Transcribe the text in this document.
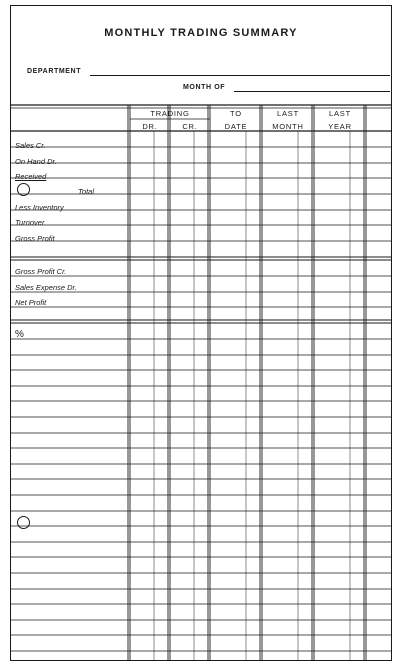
MONTHLY TRADING SUMMARY
DEPARTMENT
MONTH OF
TRADING
DR.	CR.
TO
DATE
LAST
MONTH
LAST
YEAR
Sales Cr.
On Hand Dr.
Received
Total
Less Inventory
Turnover
Gross Profit
Gross Profit Cr.
Sales Expense Dr.
Net Profit
%
